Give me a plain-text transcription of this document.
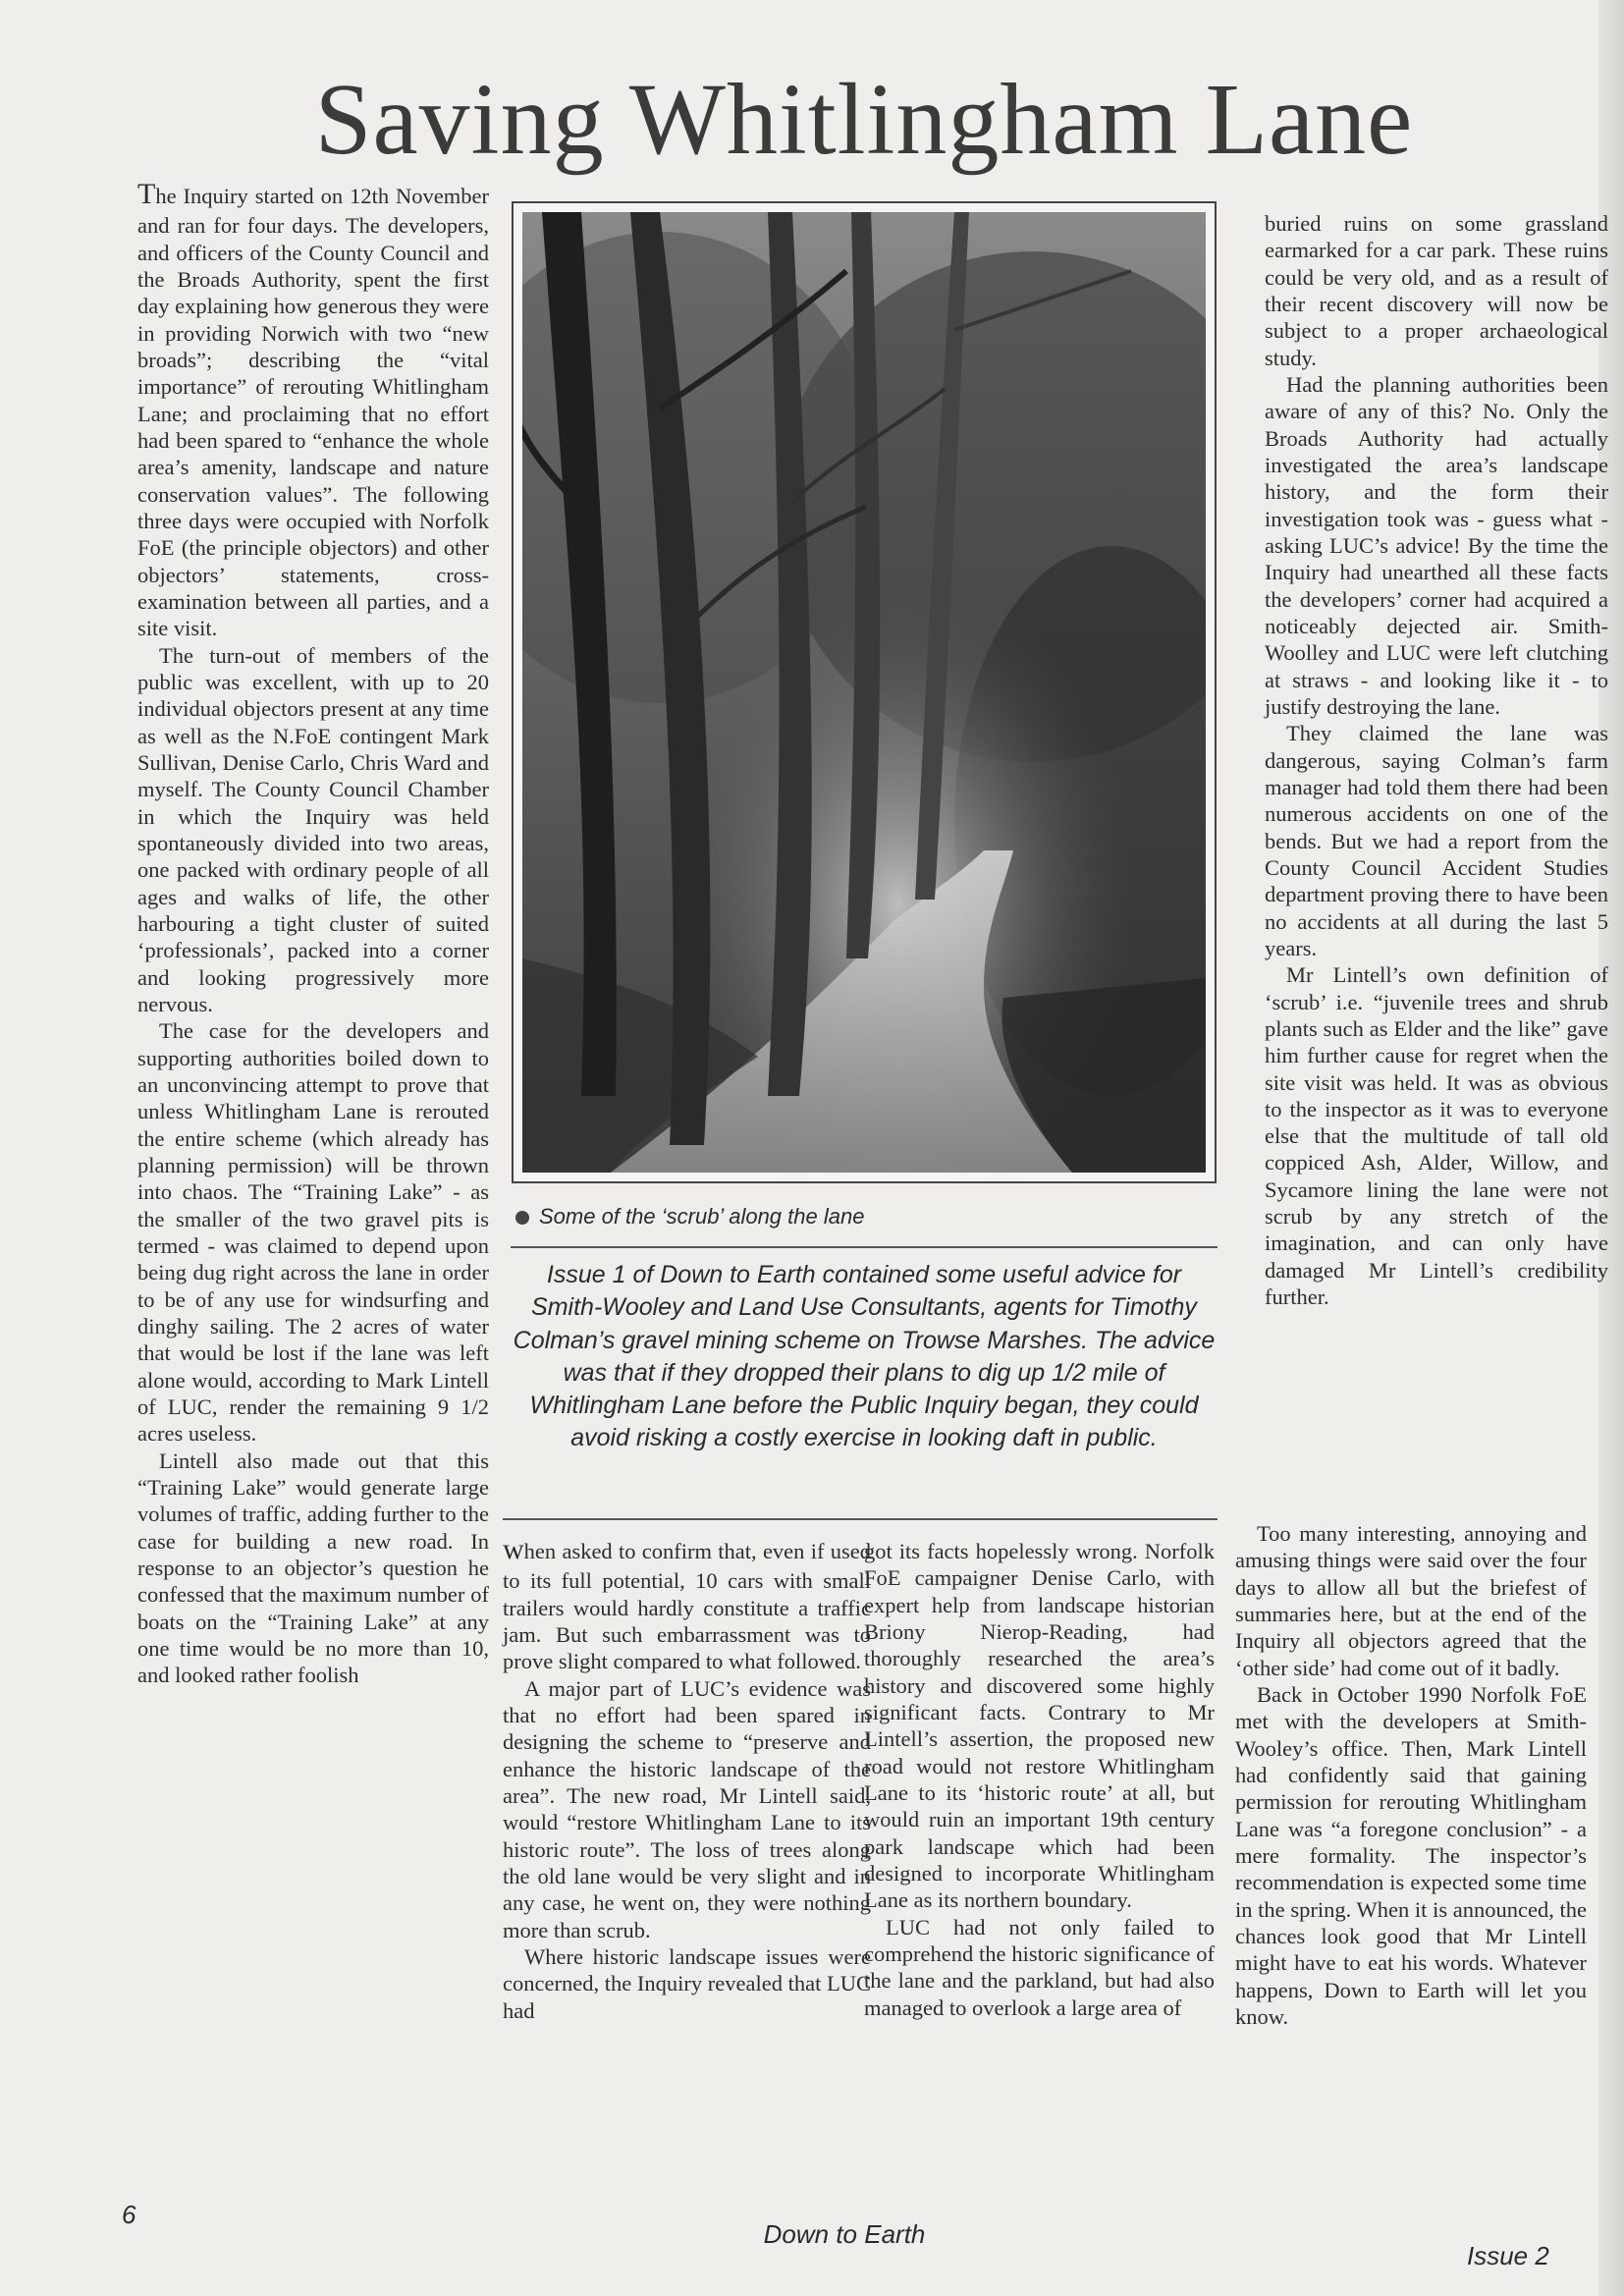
Saving Whitlingham Lane

The Inquiry started on 12th November and ran for four days. The developers, and officers of the County Council and the Broads Authority, spent the first day explaining how generous they were in providing Norwich with two “new broads”; describing the “vital importance” of rerouting Whitlingham Lane; and proclaiming that no effort had been spared to “enhance the whole area’s amenity, landscape and nature conservation values”. The following three days were occupied with Norfolk FoE (the principle objectors) and other objectors’ statements, cross-examination between all parties, and a site visit.

The turn-out of members of the public was excellent, with up to 20 individual objectors present at any time as well as the N.FoE contingent Mark Sullivan, Denise Carlo, Chris Ward and myself. The County Council Chamber in which the Inquiry was held spontaneously divided into two areas, one packed with ordinary people of all ages and walks of life, the other harbouring a tight cluster of suited ‘professionals’, packed into a corner and looking progressively more nervous.

The case for the developers and supporting authorities boiled down to an unconvincing attempt to prove that unless Whitlingham Lane is rerouted the entire scheme (which already has planning permission) will be thrown into chaos. The “Training Lake” - as the smaller of the two gravel pits is termed - was claimed to depend upon being dug right across the lane in order to be of any use for windsurfing and dinghy sailing. The 2 acres of water that would be lost if the lane was left alone would, according to Mark Lintell of LUC, render the remaining 9 1/2 acres useless.

Lintell also made out that this “Training Lake” would generate large volumes of traffic, adding further to the case for building a new road. In response to an objector’s question he confessed that the maximum number of boats on the “Training Lake” at any one time would be no more than 10, and looked rather foolish

Some of the ‘scrub’ along the lane

Issue 1 of Down to Earth contained some useful advice for Smith-Wooley and Land Use Consultants, agents for Timothy Colman’s gravel mining scheme on Trowse Marshes. The advice was that if they dropped their plans to dig up 1/2 mile of Whitlingham Lane before the Public Inquiry began, they could avoid risking a costly exercise in looking daft in public.

when asked to confirm that, even if used to its full potential, 10 cars with small trailers would hardly constitute a traffic jam. But such embarrassment was to prove slight compared to what followed.

A major part of LUC’s evidence was that no effort had been spared in designing the scheme to “preserve and enhance the historic landscape of the area”. The new road, Mr Lintell said, would “restore Whitlingham Lane to its historic route”. The loss of trees along the old lane would be very slight and in any case, he went on, they were nothing more than scrub.

Where historic landscape issues were concerned, the Inquiry revealed that LUC had

got its facts hopelessly wrong. Norfolk FoE campaigner Denise Carlo, with expert help from landscape historian Briony Nierop-Reading, had thoroughly researched the area’s history and discovered some highly significant facts. Contrary to Mr Lintell’s assertion, the proposed new road would not restore Whitlingham Lane to its ‘historic route’ at all, but would ruin an important 19th century park landscape which had been designed to incorporate Whitlingham Lane as its northern boundary.

LUC had not only failed to comprehend the historic significance of the lane and the parkland, but had also managed to overlook a large area of

buried ruins on some grassland earmarked for a car park. These ruins could be very old, and as a result of their recent discovery will now be subject to a proper archaeological study.

Had the planning authorities been aware of any of this? No. Only the Broads Authority had actually investigated the area’s landscape history, and the form their investigation took was - guess what - asking LUC’s advice! By the time the Inquiry had unearthed all these facts the developers’ corner had acquired a noticeably dejected air. Smith-Woolley and LUC were left clutching at straws - and looking like it - to justify destroying the lane.

They claimed the lane was dangerous, saying Colman’s farm manager had told them there had been numerous accidents on one of the bends. But we had a report from the County Council Accident Studies department proving there to have been no accidents at all during the last 5 years.

Mr Lintell’s own definition of ‘scrub’ i.e. “juvenile trees and shrub plants such as Elder and the like” gave him further cause for regret when the site visit was held. It was as obvious to the inspector as it was to everyone else that the multitude of tall old coppiced Ash, Alder, Willow, and Sycamore lining the lane were not scrub by any stretch of the imagination, and can only have damaged Mr Lintell’s credibility further.

Too many interesting, annoying and amusing things were said over the four days to allow all but the briefest of summaries here, but at the end of the Inquiry all objectors agreed that the ‘other side’ had come out of it badly.

Back in October 1990 Norfolk FoE met with the developers at Smith-Wooley’s office. Then, Mark Lintell had confidently said that gaining permission for rerouting Whitlingham Lane was “a foregone conclusion” - a mere formality. The inspector’s recommendation is expected some time in the spring. When it is announced, the chances look good that Mr Lintell might have to eat his words. Whatever happens, Down to Earth will let you know.

6
Down to Earth
Issue 2
